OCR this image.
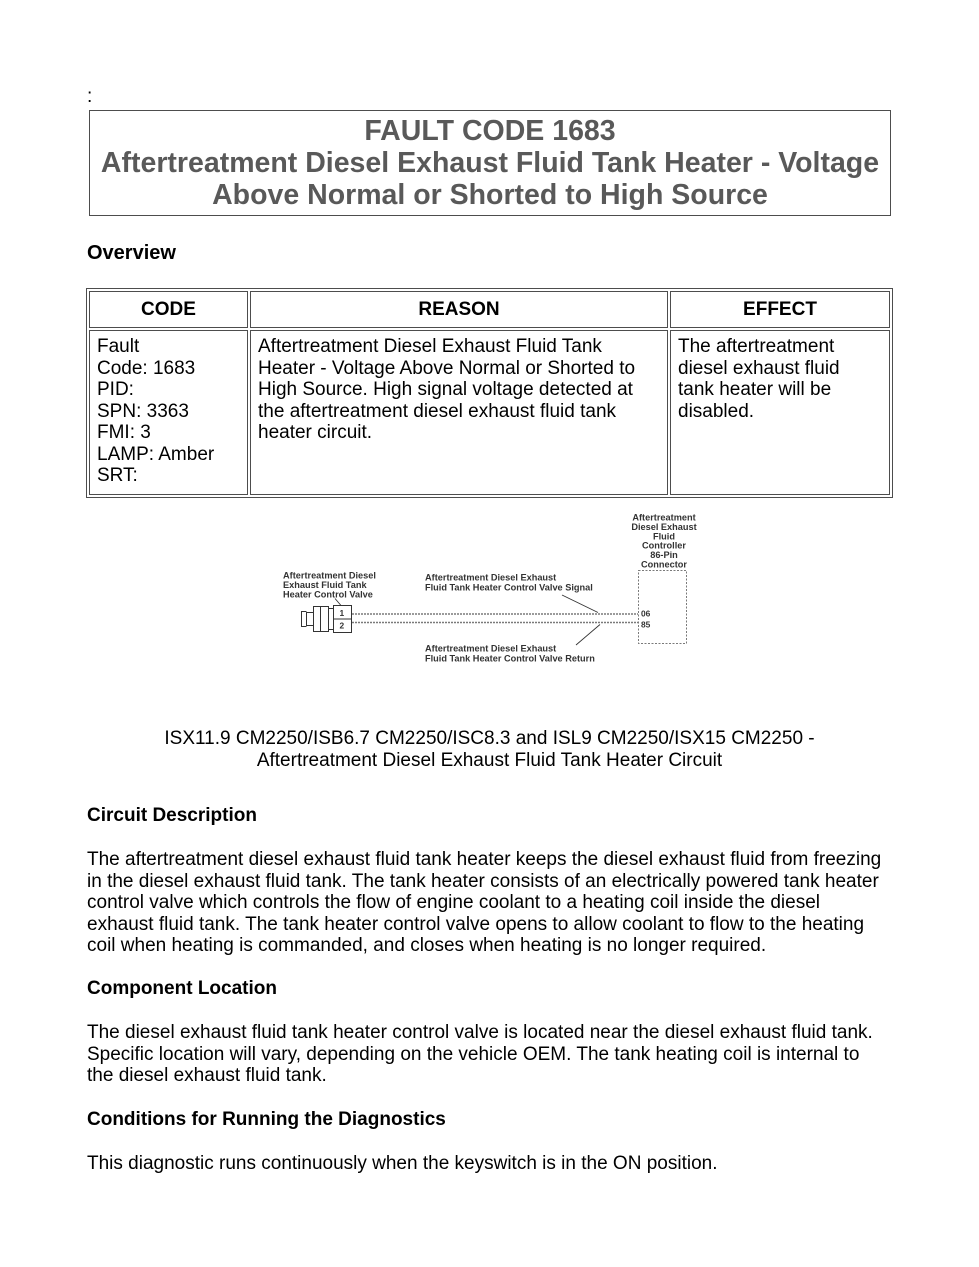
:
FAULT CODE 1683
Aftertreatment Diesel Exhaust Fluid Tank Heater - Voltage
Above Normal or Shorted to High Source
Overview
CODE	REASON	EFFECT
Fault
Code: 1683
PID:
SPN: 3363
FMI: 3
LAMP: Amber
SRT:
Aftertreatment Diesel Exhaust Fluid Tank
Heater - Voltage Above Normal or Shorted to
High Source. High signal voltage detected at
the aftertreatment diesel exhaust fluid tank
heater circuit.
The aftertreatment
diesel exhaust fluid
tank heater will be
disabled.
Aftertreatment
Diesel Exhaust
Fluid
Controller
86-Pin
Connector
06
85
Aftertreatment Diesel
Exhaust Fluid Tank
Heater Control Valve
Aftertreatment Diesel Exhaust
Fluid Tank Heater Control Valve Signal
Aftertreatment Diesel Exhaust
Fluid Tank Heater Control Valve Return
1
2
ISX11.9 CM2250/ISB6.7 CM2250/ISC8.3 and ISL9 CM2250/ISX15 CM2250 -
Aftertreatment Diesel Exhaust Fluid Tank Heater Circuit
Circuit Description
The aftertreatment diesel exhaust fluid tank heater keeps the diesel exhaust fluid from freezing
in the diesel exhaust fluid tank. The tank heater consists of an electrically powered tank heater
control valve which controls the flow of engine coolant to a heating coil inside the diesel
exhaust fluid tank. The tank heater control valve opens to allow coolant to flow to the heating
coil when heating is commanded, and closes when heating is no longer required.
Component Location
The diesel exhaust fluid tank heater control valve is located near the diesel exhaust fluid tank.
Specific location will vary, depending on the vehicle OEM. The tank heating coil is internal to
the diesel exhaust fluid tank.
Conditions for Running the Diagnostics
This diagnostic runs continuously when the keyswitch is in the ON position.
